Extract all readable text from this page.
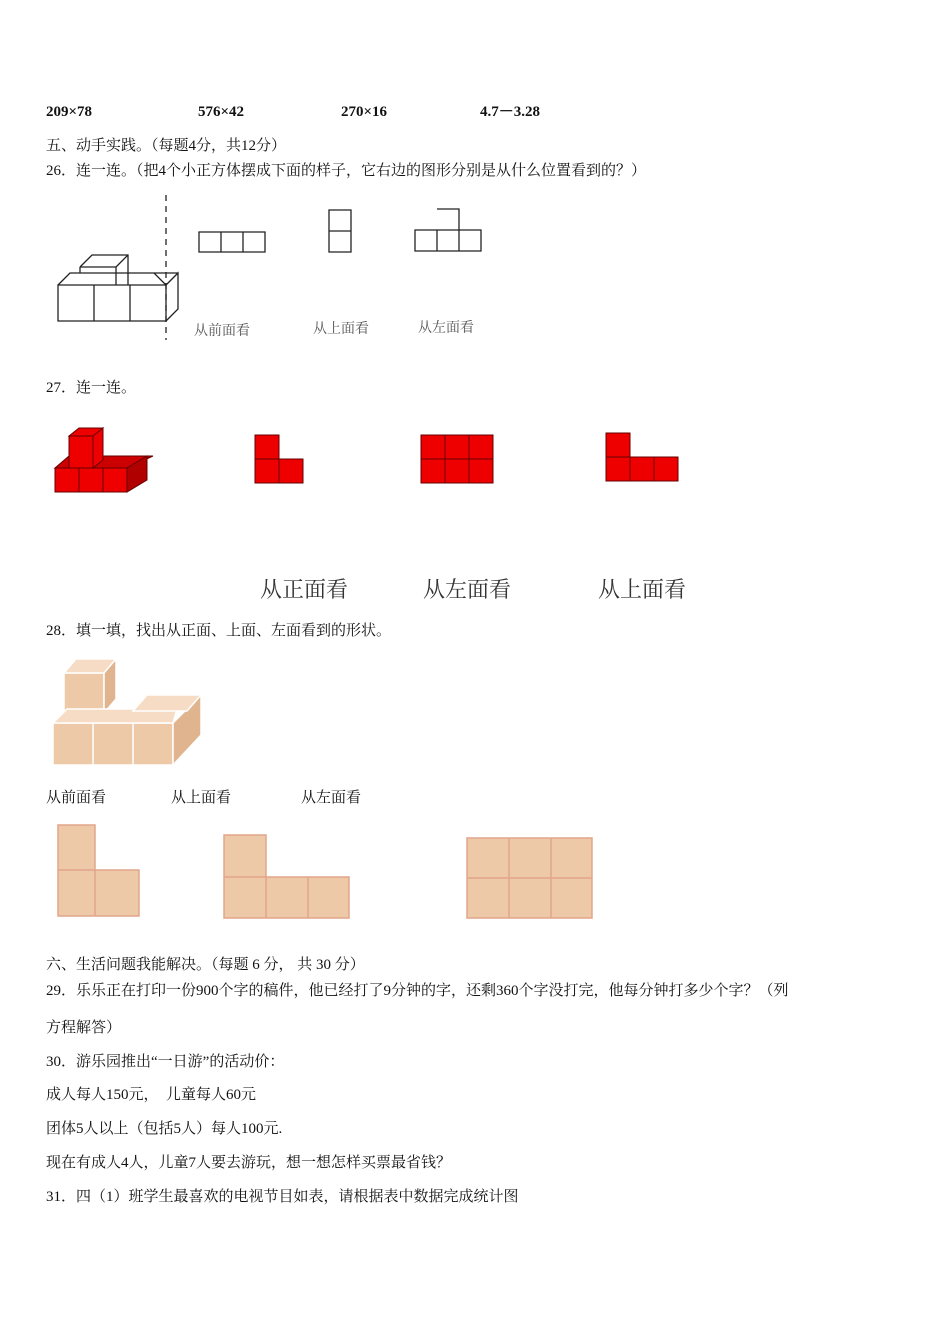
209×78	576×42	270×16	4.7－3.28
五、动手实践。（每题4分，共12分）
26．连一连。（把4个小正方体摆成下面的样子，它右边的图形分别是从什么位置看到的？）
从前面看	从上面看	从左面看
27．连一连。
从正面看	从左面看	从上面看
28．填一填，找出从正面、上面、左面看到的形状。
从前面看	从上面看	从左面看
六、生活问题我能解决。（每题 6 分， 共 30 分）
29．乐乐正在打印一份900个字的稿件，他已经打了9分钟的字，还剩360个字没打完，他每分钟打多少个字？（列
方程解答）
30．游乐园推出“一日游”的活动价：
成人每人150元，　儿童每人60元
团体5人以上（包括5人）每人100元.
现在有成人4人，儿童7人要去游玩，想一想怎样买票最省钱？
31．四（1）班学生最喜欢的电视节目如表，请根据表中数据完成统计图
